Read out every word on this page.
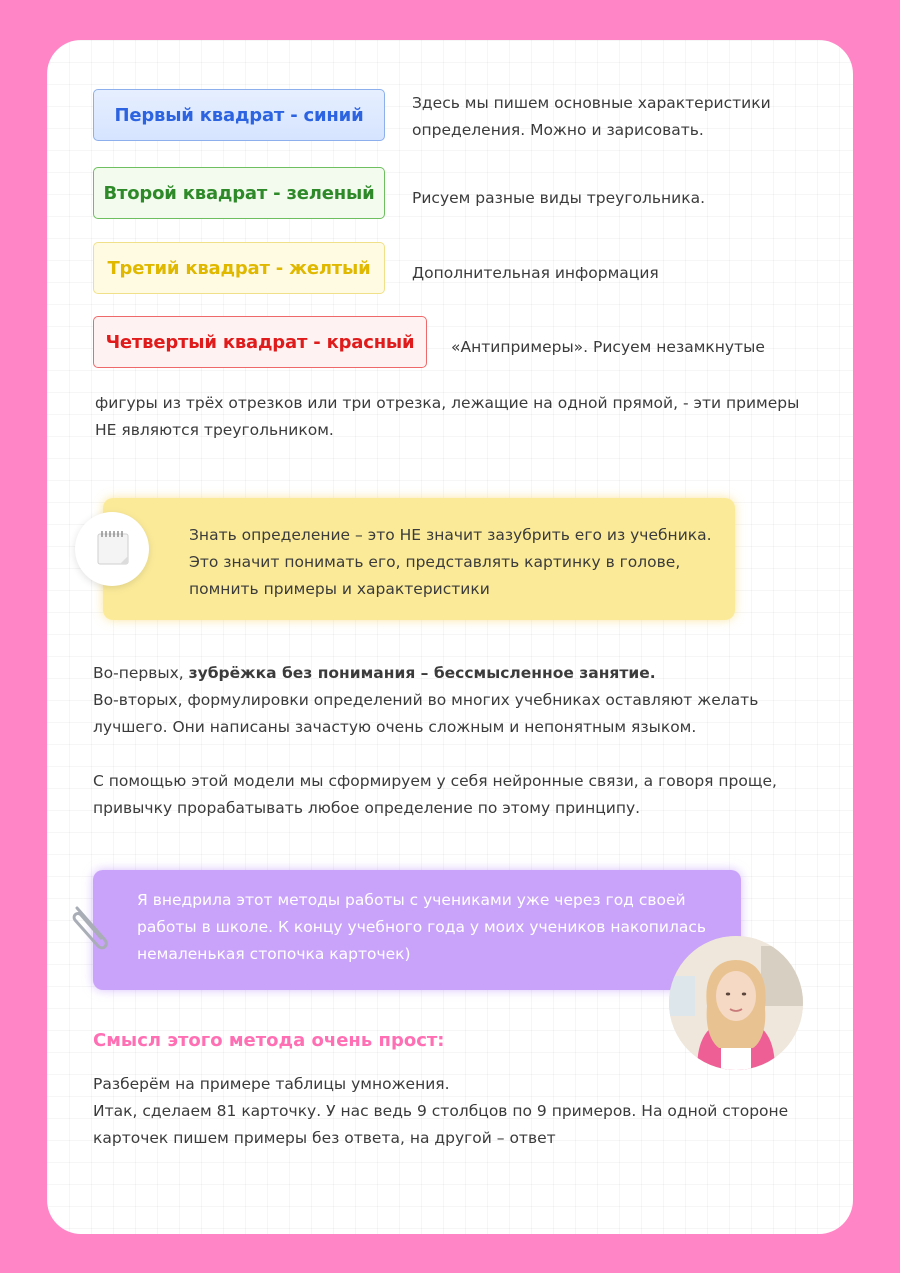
Первый квадрат - синий
Второй квадрат - зеленый
Третий квадрат - желтый
Четвертый квадрат - красный
Здесь мы пишем основные характеристики
определения. Можно и зарисовать.
Рисуем разные виды треугольника.
Дополнительная информация
«Антипримеры». Рисуем незамкнутые
фигуры из трёх отрезков или три отрезка, лежащие на одной прямой, - эти примеры
НЕ являются треугольником.
Знать определение – это НЕ значит зазубрить его из учебника.
Это значит понимать его, представлять картинку в голове,
помнить примеры и характеристики
Во-первых, зубрёжка без понимания – бессмысленное занятие.
Во-вторых, формулировки определений во многих учебниках оставляют желать
лучшего. Они написаны зачастую очень сложным и непонятным языком.
С помощью этой модели мы сформируем у себя нейронные связи, а говоря проще,
привычку прорабатывать любое определение по этому принципу.
Я внедрила этот методы работы с учениками уже через год своей
работы в школе. К концу учебного года у моих учеников накопилась
немаленькая стопочка карточек)
Смысл этого метода очень прост:
Разберём на примере таблицы умножения.
Итак, сделаем 81 карточку. У нас ведь 9 столбцов по 9 примеров. На одной стороне
карточек пишем примеры без ответа, на другой – ответ
